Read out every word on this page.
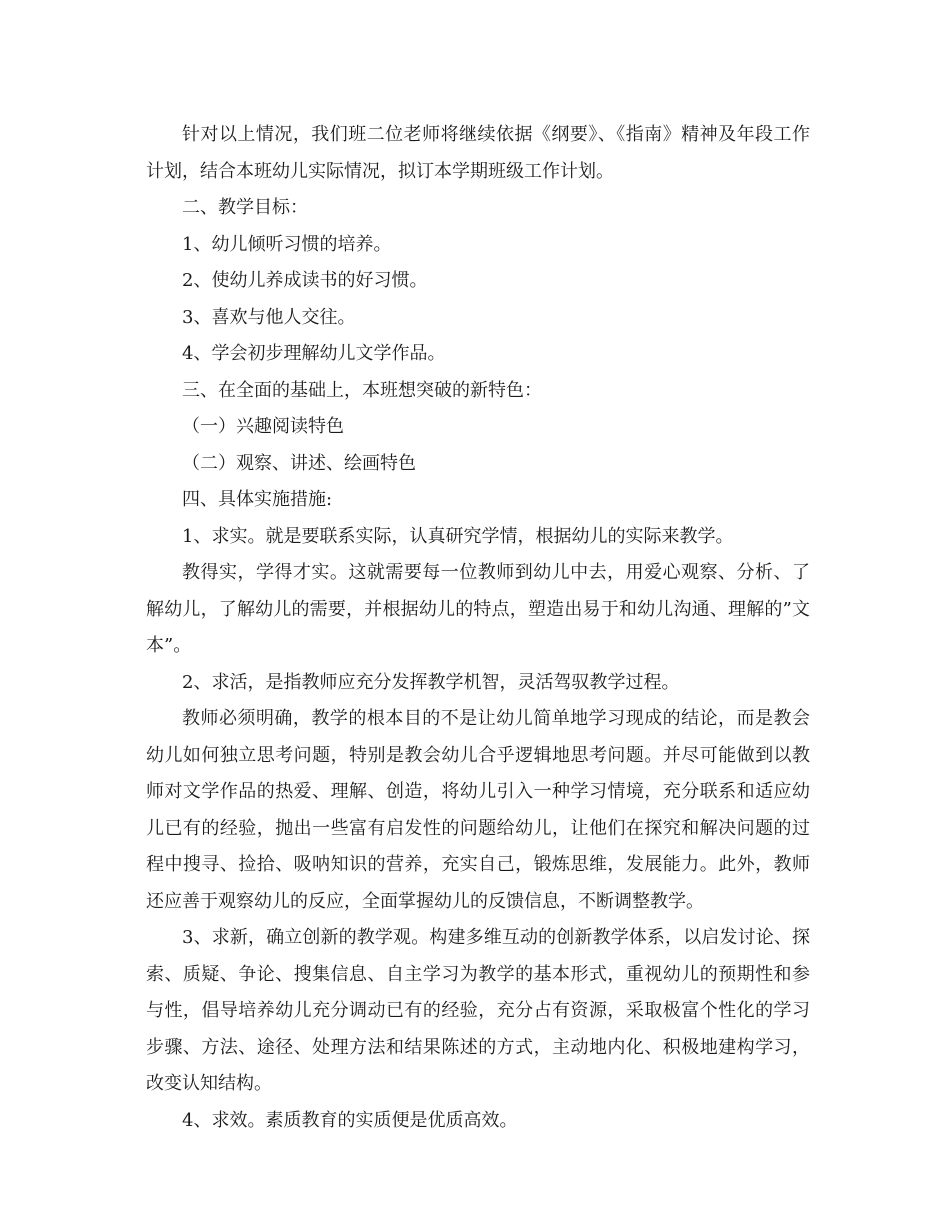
针对以上情况，我们班二位老师将继续依据《纲要》、《指南》精神及年段工作计划，结合本班幼儿实际情况，拟订本学期班级工作计划。

二、教学目标：

1、幼儿倾听习惯的培养。

2、使幼儿养成读书的好习惯。

3、喜欢与他人交往。

4、学会初步理解幼儿文学作品。

三、在全面的基础上，本班想突破的新特色：

（一）兴趣阅读特色

（二）观察、讲述、绘画特色

四、具体实施措施:

1、求实。就是要联系实际，认真研究学情，根据幼儿的实际来教学。

教得实，学得才实。这就需要每一位教师到幼儿中去，用爱心观察、分析、了解幼儿，了解幼儿的需要，并根据幼儿的特点，塑造出易于和幼儿沟通、理解的”文本”。

2、求活，是指教师应充分发挥教学机智，灵活驾驭教学过程。

教师必须明确，教学的根本目的不是让幼儿简单地学习现成的结论，而是教会幼儿如何独立思考问题，特别是教会幼儿合乎逻辑地思考问题。并尽可能做到以教师对文学作品的热爱、理解、创造，将幼儿引入一种学习情境，充分联系和适应幼儿已有的经验，抛出一些富有启发性的问题给幼儿，让他们在探究和解决问题的过程中搜寻、捡拾、吸呐知识的营养，充实自己，锻炼思维，发展能力。此外，教师还应善于观察幼儿的反应，全面掌握幼儿的反馈信息，不断调整教学。

3、求新，确立创新的教学观。构建多维互动的创新教学体系，以启发讨论、探索、质疑、争论、搜集信息、自主学习为教学的基本形式，重视幼儿的预期性和参与性，倡导培养幼儿充分调动已有的经验，充分占有资源，采取极富个性化的学习步骤、方法、途径、处理方法和结果陈述的方式，主动地内化、积极地建构学习，改变认知结构。

4、求效。素质教育的实质便是优质高效。
